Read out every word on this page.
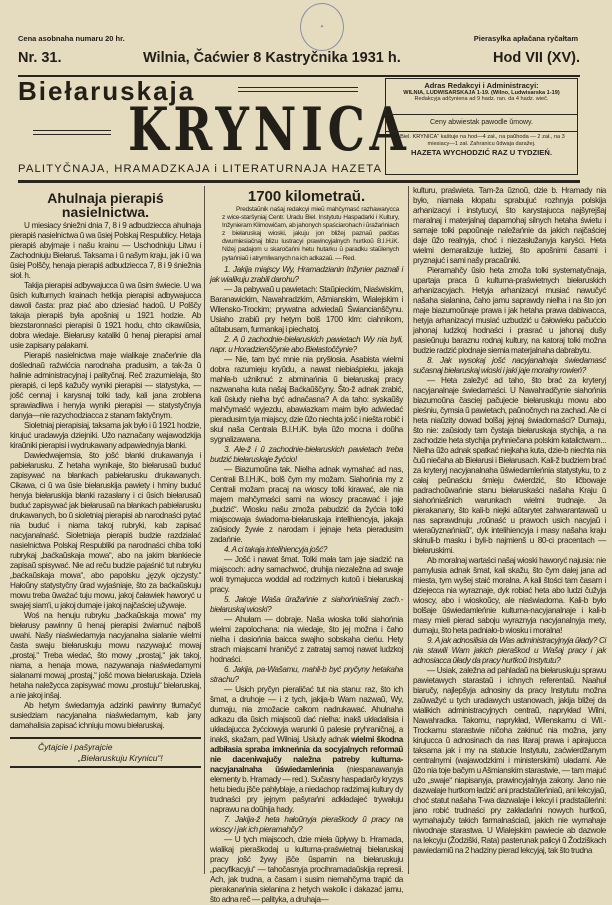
Cena asobnaha numaru 20 hr.	Pierasyłka apłačana ryčałtam
✦
Nr. 31.	Wilnia, Čaćwier 8 Kastryčnika 1931 h.	Hod VII (XV).
Biełaruskaja
KRYNICA
PALITYČNAJA, HRAMADZKAJA i LITERATURNAJA HAZETA
Adras Redakcyi i Administracyi:
WILNIA, LUDWISARSKAJA 1-19. (Wilno, Ludwisarska 1-19)
Redakcyja adčyniena ad 9 hadz. ran. da 4 hadz. wieč.
Ceny abwiestak pawodle ŭmowy.
„Biel. KRYNICA“ kaštuje na hod—4 zał., na paŭhoda — 2 zał., na 3 miesiacy—1 zał. Zahranicu ŭdwaja daražej.
HAZETA WYCHODZIĆ RAZ U TYDZIEŃ.
Ahulnaja pierapiś nasielnictwa.

U miesiacy śniežni dnia 7, 8 i 9 adbudziecca ahulnaja pierapiś nasielnictwa ŭ wa ŭsiej Polskaj Respublicy. Hetaja pierapiś abyjmaje i našu krainu — Uschodniuju Litwu i Zachodniuju Biełaruś. Taksama i ŭ našym kraju, jak i ŭ wa ŭsiej Polščy, henaja pierapiś adbudziecca 7, 8 i 9 śniežnia sioł. h.

Takija pierapisi adbywajucca ŭ wa ŭsim świecie. U wa ŭsich kulturnych krainach hetkija pierapisi adbywajucca dawoli časta: praz piać abo dziesiać hadoŭ. U Polščy takaja pierapiś była apošniaj u 1921 hodzie. Ab biezstaronnaści pierapisi ŭ 1921 hodu, chto cikawiŭsia, dobra wiedaje. Biełarusy kataliki ŭ henaj pierapisi amal usie zapisany palakami.

Pierapiś nasielnictwa maje wialikaje značeńnie dla doślednaŭ raźwićcia narodnaha pradusim, a tak-ža ŭ halinie administracyjnaj i palityčnaj. Reč zrazumielaja, što pierapiś, ci lepš kažučy wyniki pierapisi — statystyka, — jošć cennaj i karysnaj tolki tady, kali jana zroblena sprawiadliwa i henyja wyniki pierapisi — statystyčnyja danyja—nie razychodziacca z stanam faktyčnym.

Sioletniaj pierapisiaj, taksama jak było i ŭ 1921 hodzie, kirujuć uradawyja dziejniki. Užo naznačany wajawodzkija kiraŭniki pierapisi i wydrukawany adpawiednyja błanki.

Dawiedwajemsia, što jošć błanki drukawanyja i pabiełarusku. Z hetaha wynikaje, što biełarusaŭ buduć zapisywać na błankach pabiełarusku drukawanych. Cikawa, ci ŭ wa ŭsie biełaruskija pawiety i hminy buduć henyja biełaruskija błanki razasłany i ci ŭsich biełarusaŭ buduć zapisywać jak biełarusaŭ na błankach pabiełarusku drukawanych, bo ŭ sioletniaj pierapisi ab narodnaści pytać nia buduć i niama takoj rubryki, kab zapisać nacyjanalnaść. Sioletniaja pierapiś budzie razdzialać nasielnictwa Polskaj Respubliki pa narodnaści chiba tolki rubrykaj „baćkaŭskaja mowa“, abo na jakim błankiecie zapisaŭ spisywać. Nie ad reču budzie pajaśnić tut rubryku „baćkaŭskaja mowa“, abo papolsku „język ojczysty.“ Hałoŭny statystyčny ŭrad wyjaśniaje, što za baćkaŭskuju mowu treba ŭważać tuju mowu, jakoj čaławiek haworyć u swajej siam'i, u jakoj dumaje i jakoj najčaściej užywaje.

Woś na henuju rubryku „baćkaŭskaja mowa“ my biełarusy pawinny ŭ henaj pierapisi źwiarnuć najbolš uwahi. Našy niaświedamyja nacyjanalna sialanie wielmi časta swaju biełaruskuju mowu nazywajuć mowaj „prostaj.“ Treba wiedać, što mowy „prostaj,“ jak takoj, niama, a henaja mowa, nazywanaja niaświedamymi sialanami mowaj „prostaj,“ jošć mowa biełaruskaja. Dziela hetaha naležycca zapisywać mowu „prostuju“ biełaruskaj, a nie jakoj inšaj.

Ab hetym świedamyja adzinki pawinny tłumačyć susiedziam nacyjanalna niaświedamym, kab jany damahalisia zapisać ichniuju mowu biełaruskaj.

Čytajcie i pašyrajcie
„Biełaruskuju Krynicu“!
1700 kilometraŭ.

Predstaŭnik našaj redakcyi mieŭ mahčymasć razhawarycca z wice-staršyniaj Centr. Uradu Biel. Instytutu Haspadarki i Kultury, Inžynieram Klimowičam, ab jahonych spaściarohach i ŭražańniach z biełaruskaj wioski, jakuju jon bližej paznaŭ padčas dwumiesiačnaj blizu lustracyi prawincyjalnych hurtkoŭ B.I.H.iK. Niżej padajom u skaročańni hetu hutarku ŭ paradku staŭlenych pytańniaŭ i atrymliwanych na ich adkazaŭ. — Red.

1. Jakija miajscy Wy, Hramadzianin Inžynier paznali i jak wialikuju zrabili darohu?

— Ja pabywaŭ u pawietach: Staŭpieckim, Niaświskim, Baranawickim, Nawahradzkim, Ašmianskim, Wialejskim i Wilensko-Trockim; prywatna adwiedaŭ Świancianščynu. Usiaho zrabiŭ pry hetym bolš 1700 klm: ciahnikom, aŭtabusam, furmankaj i piechatoj.

2. A ŭ zachodnie-biełaruskich pawietach Wy nia byli, napr. u Horadzienščynie abo Biełastoččynie?

— Nie, tam być mnie nia pryšłosia. Asabista wielmi dobra razumieju kryŭdu, a nawat niebiaśpieku, jakaja mahła-b uźniknuć z abminańnia ŭ biełaruskaj pracy nazwanaha kuta našaj Baćkaŭščyny. Što-ž adnak zrabić, kali ŭsiudy nielha być adnačasna? A da taho: syskaŭšy mahčymaść wyjezdu, abawiazkam maim było adwiedać pieradusim tyja miajscy, dzie ŭžo niechta jošć i niešta robić i skul naša Centrala B.I.H.iK. była ŭžo mocna i doŭha sygnalizawana.

3. Ale-ž i ŭ zachodnie-biełaruskich pawietach treba budzić biełaruskaje žyćcio!

— Biazumoŭna tak. Nielha adnak wymahać ad nas, Centrali B.I.H.iK., bolš čym my možam. Siahońnia my z Centrali možam pracaj na wioscy tolki kirawać, ale nia majem mahčymaści sami na wioscy pracawać i jaje „budzić“. Wiosku našu zmoža pabudzić da žyćcia tolki miajscowaja świadoma-biełaruskaja intelihiencyja, jakaja zaŭsiody žywie z narodam i jejnaje heta pieradusim zadańnie.

4. A ci takaja intelihiencyja jošć?

— Jošć i nawat šmat. Tolki mała tam jaje siadzić na miajscoch: adny samachwoć, druhija niezaležna ad swaje woli trymajucca woddal ad rodzimych kutoŭ i biełaruskaj pracy.

5. Jakoje Waša ŭražańnie z siahońniašniaj zach.-biełaruskaj wioski?

— Ahułam — dobraje. Naša wioska tolki siahońnia wielmi zapolochana: nia wiedaje, što jej možna i čaho nielha i dasiońnia baicca swajho sobskaha cieńu. Hety strach miajscami hraničyć z zatrataj samoj nawat ludzkoj hodnaści.

6. Jakija, pa-Wašamu, mahli-b być pryčyny hetakaha strachu?

— Usich pryčyn pieraličać tut nia stanu: raz, što ich šmat, a druhoje — i z tych, jakija-b Wam nazwaŭ, Wy, dumaju, nia zmožacie całkom nadrukawać. Ahulnaha adkazu dla ŭsich miajscoŭ dać nielha: inakš układalisia i układajucca žyćciowyja warunki ŭ palesie pryhraničnaj, a inakš, skažam, pad Wilniaj. Usiudy adnak wielmi škodna adbiłasia spraba imkneńnia da socyjalnych reformaŭ nie daceniwajučy naležna patreby kulturna-nacyjanalnaha ŭświedamleńnia (niespanawanyja elementy b. Hramady — red.). Sučasny haspadarčy kryzys hetu biedu jšče pahłyblaje, a niedachop radzimaj kultury dy trudnaści pry jejnym pašyrańni adkładajeć trywałuju naprawu na doŭhija hady.

7. Jakija-ž heta hałoŭnyja pieraškody ŭ pracy na wioscy i jak ich pieramahčy?

— U tych miajscoch, dzie mieła ŭpływy b. Hramada, wialikaj pieraškodaj u kulturna-praświetnaj biełaruskaj pracy jošć žywy jšče ŭspamin na biełaruskuju „pacyfikacyju“ — tahočasnyja procihramadaŭskija represii. Ach, jak trudna, a časam i susim niemahčyma trapić da pierakanańnia sielanina z hetych wakolic i dakazać jamu, što adna reč — palityka, a druhaja—

kulturu, praświeta. Tam-ža ŭznoŭ, dzie b. Hramady nia było, niamała kłopatu sprabujuć rozhnyja polskija arhanizacyi i instytucyi, što karystajucca najšyrejšaj maralnaj i materjalnaj dapamohaj silnych hetaha świetu i samaje tolki papoŭnaje naležańnie da jakich najčaściej daje ŭžo realnyja, choć i niezasłužanyja karyści. Heta wielmi demaralizuje ludziej, što apošnimi časami i pryznajuć i sami našy pracaŭniki.

Pieramahčy ŭsio heta zmoža tolki systematyčnaja, upartaja praca ŭ kulturna-praświetnych biełaruskich arhanizacyjach. Hetyja arhanizacyi musiać nawučyć našaha sialanina, čaho jamu saprawdy nielha i na što jon maje biazumoŭnaje prawa i jak hetaha prawa dabiwacca, hetyja arhanizacyi musiać uzbudzić u čałowieku pačućcio jahonaj ludzkoj hodnaści i prasrać u jahonaj dušy pasieŭnuju baraznu rodnaj kultury, na katoraj tolki možna budzie radzić plodnaje siemia materjalnaha dabrabytu.

8. Jak wysokaj jošć nacyjanalnaja świedamasć sučasnaj biełaruskaj wioski i jaki jaje moralny rowień?

— Heta zaležyć ad taho, što brać za kryteryj nacyjanalnaje świedamaści. U Nawahradčynie siahońnia biazumoŭna časciej pačujecie biełaruskuju mowu abo pieśniu, čymsia ŭ pawietach, paŭnočnych na zachad. Ale ci heta niaŭzity dowad bolšaj jejnaj świadomaści? Dumaju, što nie: zaŭsiody tam čystaja biełaruskaja stychija, a na zachodzie heta stychija pryhniečana polskim katalictwam... Nielha ŭžo adnak spatkać niejkaha kuta, dzie-b niechta nia čuŭ niečaha ab Biełarusi i Biełarusach. Kali-ž budziem brać za kryteryj nacyjanalnaha ŭświedamleńnia statystyku, to z całaj peŭnaściu śmieju ćwierdzić, što ličbowaje padrachoŭwańnie stanu biełaruskaści našaha Kraju ŭ siahońniašnich warunkach wielmi trudnaje. Ja pierakanany, što kali-b niejki aŭtarytet zahwarantawaŭ u nas saprawdnuju „roŭnaść u prawoch usich nacyjaŭ i wieraŭyznańniaŭ“, dyk intelihiencyja i masy našaha kraju skinuli-b masku i byli-b najmienš u 80-ci pracentach — biełaruskimi.

Ab moralnaj wartaści našaj wioski haworyć najusia: nie pamylusia adnak šmat, kali skažu, što čym dalej jana ad miesta, tym wyšej staić moralna. A kali štości tam časam i dziejecca nia wyraznaje, dyk robiać heta abo ludzi čužyja wioscy, abo i wioskoŭcy, ale niaświadoma. Kali-b było bolšaje ŭświedamleńnie kulturna-nacyjanalnaje i kali-b masy mieli pierad saboju wyraznyja nacyjanalnyja mety, dumaju, što heta padniało-b wiosku i moralna!

9. A jak adnosilisia da Was administracyjnyja ŭłady? Ci nia stawili Wam jakich pieraškod u Wašaj pracy i jak adnosiacca ŭłady da pracy hurtkoŭ Instytutu?

— Usiak, zaležna ad pahladaŭ na biełaruskuju sprawu pawietawych starastaŭ i ichnych referentaŭ. Naahuł biaručy, najlepšyja adnosiny da pracy Instytutu možna zaŭwažyć u tych uradawych ustanowach, jakija bližej da wialikich administracyjnych centraŭ, naprykład Wilni, Nawahradka. Takomu, naprykład, Wilenskamu ci Wil.-Trockamu starastwie ničoha zakinuć nia možna, jany kirujucca ŭ adnosinach da nas litaraj prawa i apirajucca taksama jak i my na statucie Instytutu, zaćwierdžanym centralnymi (wajawodzkimi i ministerskimi) uładami. Ale ŭžo nia toje bačym u Ašmianskim starastwie, — tam majuć užo „swaje“ niapisanyja, prawincyjalnyja zakony. Jano nie dazwalaje hurtkom ładzić ani pradstaŭleńniaŭ, ani lekcyjaŭ, choć statut našaha T-wa dazwalaje i lekcyi i pradstaŭleńni: jano robić trudnaści pry zakładańni nowych hurtkoŭ, wymahajučy takich farmalnaściaŭ, jakich nie wymahaje niwodnaje starastwa. U Wialejskim pawiecie ab dazwole na lekcyju (Žodziški, Rata) pasterunak palicyi ŭ Žodziškach pawiedamiŭ na 2 hadziny pierad lekcyjaj, tak što trudna
